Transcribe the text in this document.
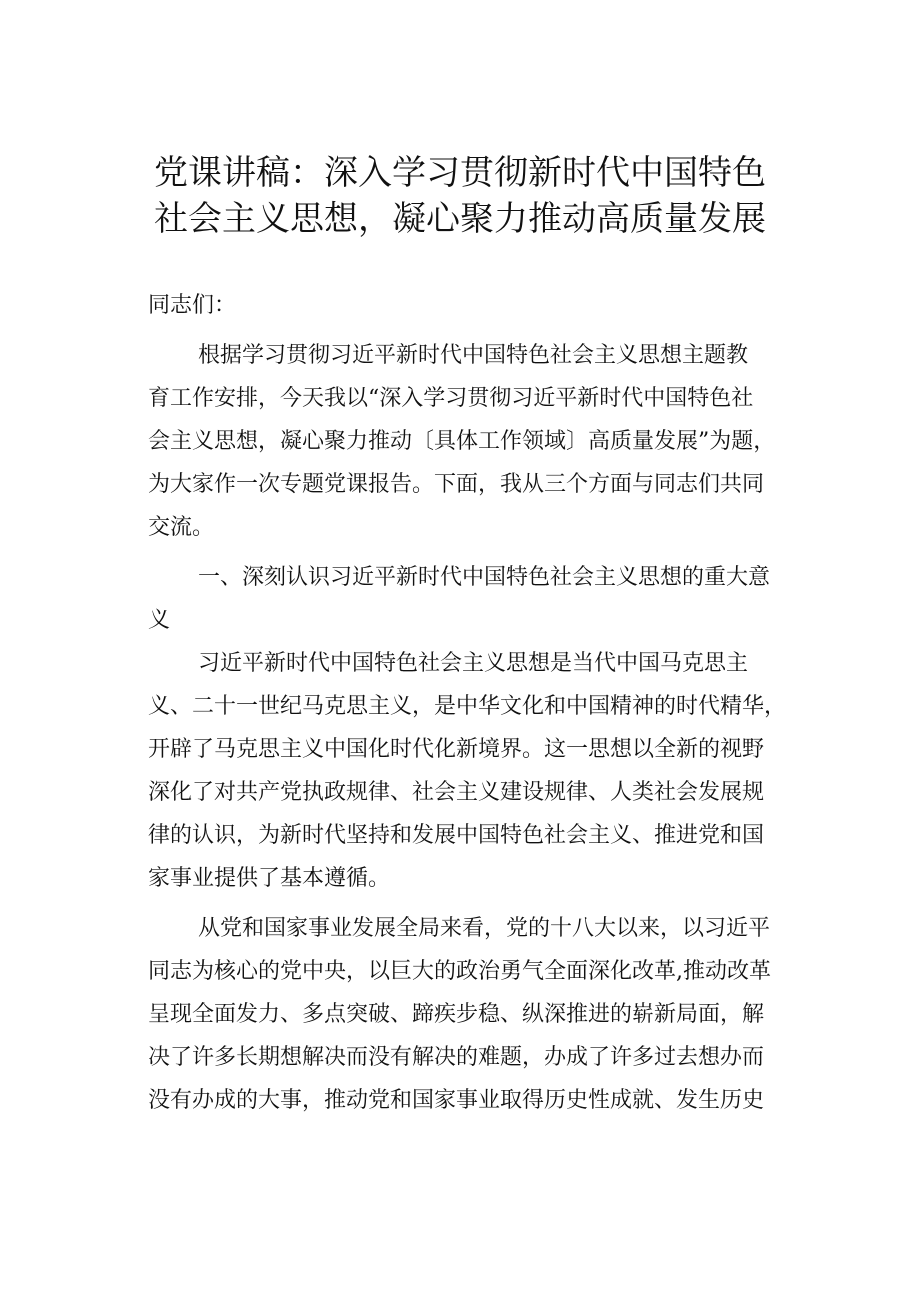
党课讲稿：深入学习贯彻新时代中国特色
社会主义思想，凝心聚力推动高质量发展
同志们：
根据学习贯彻习近平新时代中国特色社会主义思想主题教
育工作安排，今天我以“深入学习贯彻习近平新时代中国特色社
会主义思想，凝心聚力推动〔具体工作领域〕高质量发展”为题，
为大家作一次专题党课报告。下面，我从三个方面与同志们共同
交流。
一、深刻认识习近平新时代中国特色社会主义思想的重大意
义
习近平新时代中国特色社会主义思想是当代中国马克思主
义、二十一世纪马克思主义，是中华文化和中国精神的时代精华，
开辟了马克思主义中国化时代化新境界。这一思想以全新的视野
深化了对共产党执政规律、社会主义建设规律、人类社会发展规
律的认识，为新时代坚持和发展中国特色社会主义、推进党和国
家事业提供了基本遵循。
从党和国家事业发展全局来看，党的十八大以来，以习近平
同志为核心的党中央，以巨大的政治勇气全面深化改革,推动改革
呈现全面发力、多点突破、蹄疾步稳、纵深推进的崭新局面，解
决了许多长期想解决而没有解决的难题，办成了许多过去想办而
没有办成的大事，推动党和国家事业取得历史性成就、发生历史
